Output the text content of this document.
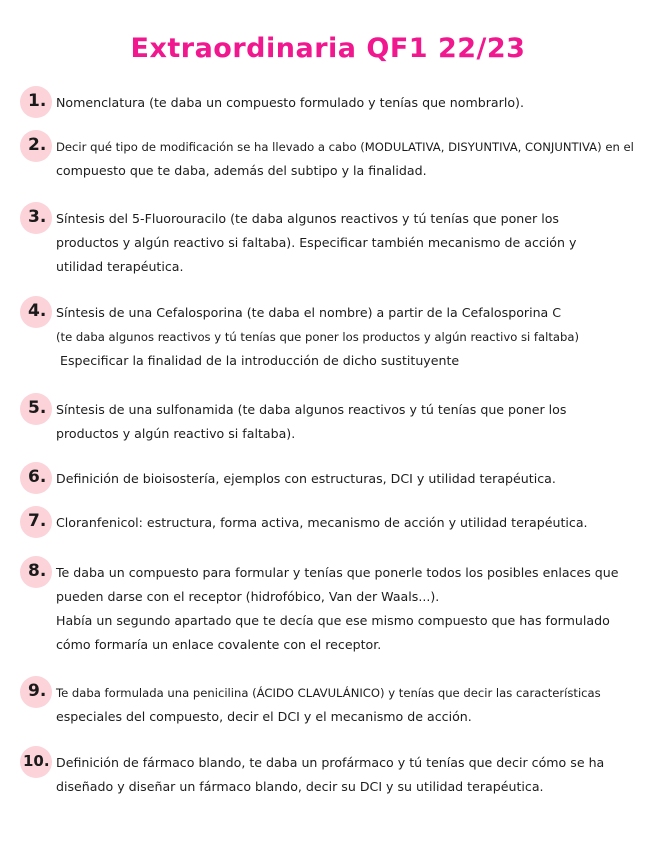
Extraordinaria QF1 22/23
1. Nomenclatura (te daba un compuesto formulado y tenías que nombrarlo).
2. Decir qué tipo de modificación se ha llevado a cabo (MODULATIVA, DISYUNTIVA, CONJUNTIVA) en el
compuesto que te daba, además del subtipo y la finalidad.
3. Síntesis del 5-Fluorouracilo (te daba algunos reactivos y tú tenías que poner los
productos y algún reactivo si faltaba). Especificar también mecanismo de acción y
utilidad terapéutica.
4. Síntesis de una Cefalosporina (te daba el nombre) a partir de la Cefalosporina C
(te daba algunos reactivos y tú tenías que poner los productos y algún reactivo si faltaba)
Especificar la finalidad de la introducción de dicho sustituyente
5. Síntesis de una sulfonamida (te daba algunos reactivos y tú tenías que poner los
productos y algún reactivo si faltaba).
6. Definición de bioisostería, ejemplos con estructuras, DCI y utilidad terapéutica.
7. Cloranfenicol: estructura, forma activa, mecanismo de acción y utilidad terapéutica.
8. Te daba un compuesto para formular y tenías que ponerle todos los posibles enlaces que
pueden darse con el receptor (hidrofóbico, Van der Waals...).
Había un segundo apartado que te decía que ese mismo compuesto que has formulado
cómo formaría un enlace covalente con el receptor.
9. Te daba formulada una penicilina (ÁCIDO CLAVULÁNICO) y tenías que decir las características
especiales del compuesto, decir el DCI y el mecanismo de acción.
10. Definición de fármaco blando, te daba un profármaco y tú tenías que decir cómo se ha
diseñado y diseñar un fármaco blando, decir su DCI y su utilidad terapéutica.
